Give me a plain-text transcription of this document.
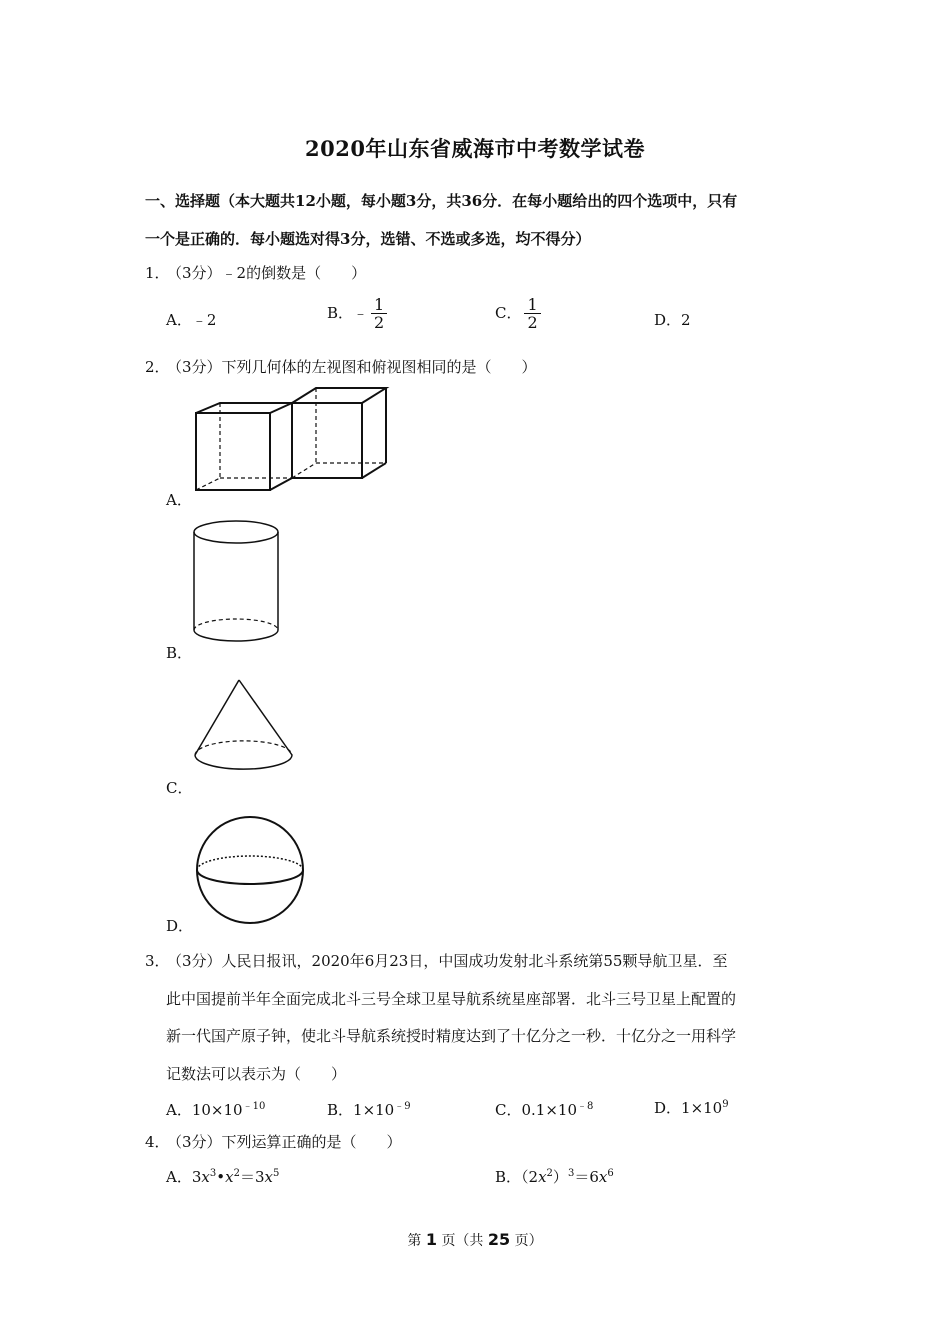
2020年山东省威海市中考数学试卷
一、选择题（本大题共12小题，每小题3分，共36分．在每小题给出的四个选项中，只有
一个是正确的．每小题选对得3分，选错、不选或多选，均不得分）
1．（3分）﹣2的倒数是（　　）
A．﹣2	B．﹣ $\frac{1}{2}$	C． $\frac{1}{2}$	D．2
2．（3分）下列几何体的左视图和俯视图相同的是（　　）
A．
B．
C．
D．
3．（3分）人民日报讯，2020年6月23日，中国成功发射北斗系统第55颗导航卫星．至
此中国提前半年全面完成北斗三号全球卫星导航系统星座部署．北斗三号卫星上配置的
新一代国产原子钟，使北斗导航系统授时精度达到了十亿分之一秒．十亿分之一用科学
记数法可以表示为（　　）
A．$10\times 10^{﹣10}$	B．$1\times 10^{﹣9}$	C．$0.1\times 10^{﹣8}$	D．$1\times 10^9$
4．（3分）下列运算正确的是（　　）
A．$3x^3•x^2=3x^5$	B．$(2x^2)^3=6x^6$
第 1 页（共 25 页）
